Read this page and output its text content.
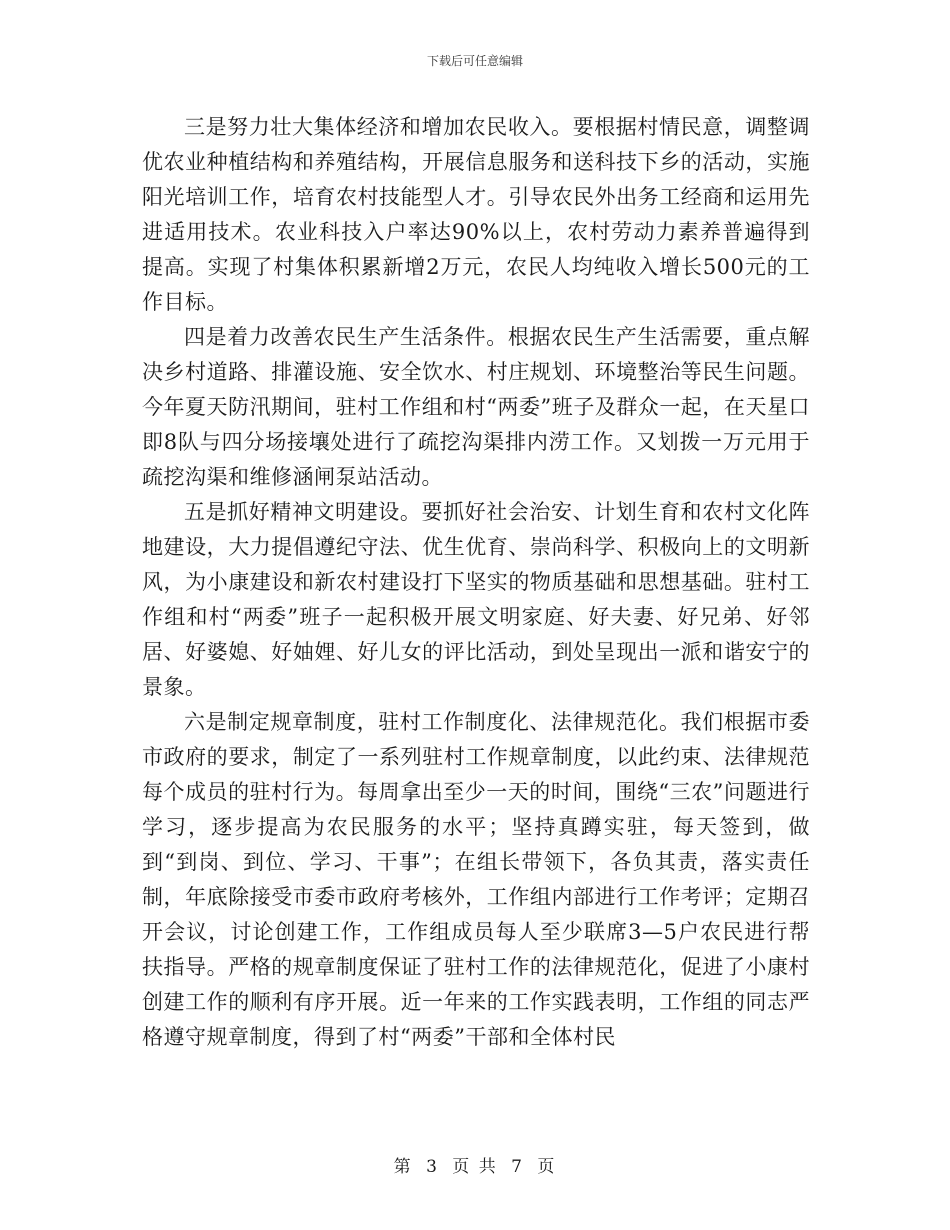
下载后可任意编辑

三是努力壮大集体经济和增加农民收入。要根据村情民意，调整调优农业种植结构和养殖结构，开展信息服务和送科技下乡的活动，实施阳光培训工作，培育农村技能型人才。引导农民外出务工经商和运用先进适用技术。农业科技入户率达90%以上，农村劳动力素养普遍得到提高。实现了村集体积累新增2万元，农民人均纯收入增长500元的工作目标。

四是着力改善农民生产生活条件。根据农民生产生活需要，重点解决乡村道路、排灌设施、安全饮水、村庄规划、环境整治等民生问题。今年夏天防汛期间，驻村工作组和村“两委”班子及群众一起，在天星口即8队与四分场接壤处进行了疏挖沟渠排内涝工作。又划拨一万元用于疏挖沟渠和维修涵闸泵站活动。

五是抓好精神文明建设。要抓好社会治安、计划生育和农村文化阵地建设，大力提倡遵纪守法、优生优育、崇尚科学、积极向上的文明新风，为小康建设和新农村建设打下坚实的物质基础和思想基础。驻村工作组和村“两委”班子一起积极开展文明家庭、好夫妻、好兄弟、好邻居、好婆媳、好妯娌、好儿女的评比活动，到处呈现出一派和谐安宁的景象。

六是制定规章制度，驻村工作制度化、法律规范化。我们根据市委市政府的要求，制定了一系列驻村工作规章制度，以此约束、法律规范每个成员的驻村行为。每周拿出至少一天的时间，围绕“三农”问题进行学习，逐步提高为农民服务的水平；坚持真蹲实驻，每天签到，做到“到岗、到位、学习、干事”；在组长带领下，各负其责，落实责任制，年底除接受市委市政府考核外，工作组内部进行工作考评；定期召开会议，讨论创建工作，工作组成员每人至少联席3—5户农民进行帮扶指导。严格的规章制度保证了驻村工作的法律规范化，促进了小康村创建工作的顺利有序开展。近一年来的工作实践表明，工作组的同志严格遵守规章制度，得到了村“两委”干部和全体村民

第 3 页 共 7 页
